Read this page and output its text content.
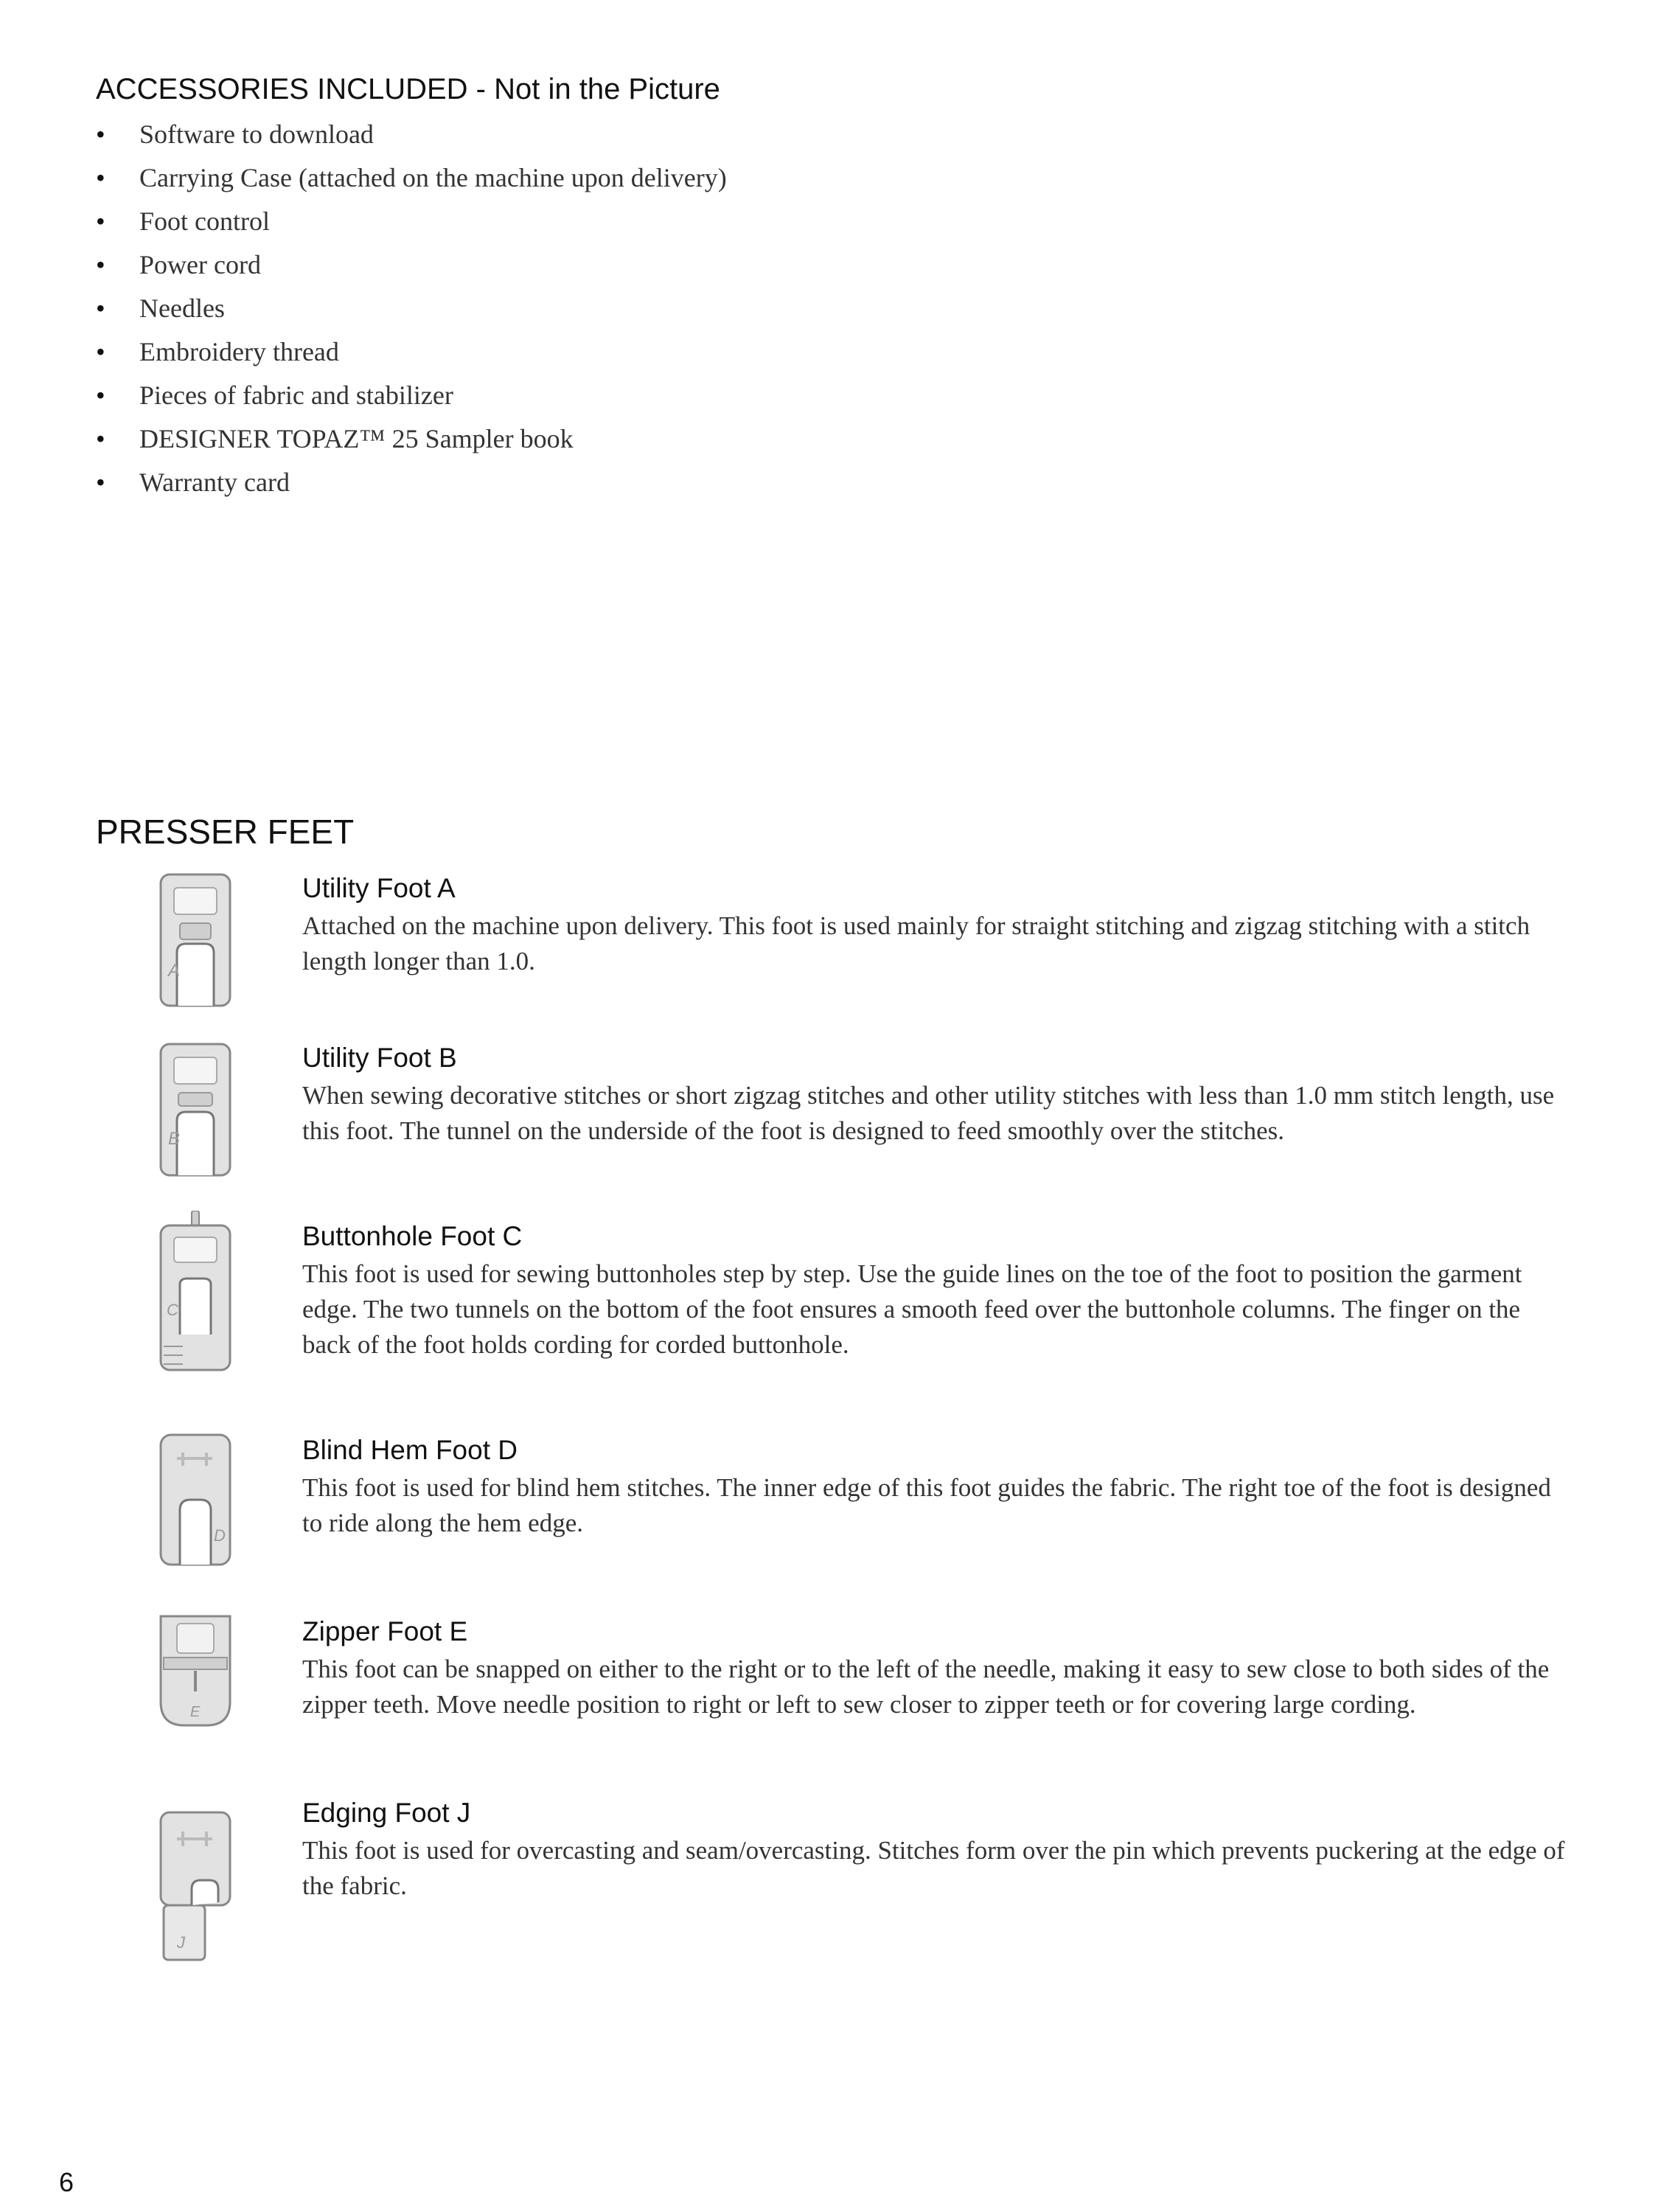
ACCESSORIES INCLUDED - Not in the Picture
• Software to download
• Carrying Case (attached on the machine upon delivery)
• Foot control
• Power cord
• Needles
• Embroidery thread
• Pieces of fabric and stabilizer
• DESIGNER TOPAZ™ 25 Sampler book
• Warranty card
PRESSER FEET
A

Utility Foot A

Attached on the machine upon delivery. This foot is used mainly for straight stitching and zigzag stitching with a stitch length longer than 1.0.

B

Utility Foot B

When sewing decorative stitches or short zigzag stitches and other utility stitches with less than 1.0 mm stitch length, use this foot. The tunnel on the underside of the foot is designed to feed smoothly over the stitches.

C

Buttonhole Foot C

This foot is used for sewing buttonholes step by step. Use the guide lines on the toe of the foot to position the garment edge. The two tunnels on the bottom of the foot ensures a smooth feed over the buttonhole columns. The finger on the back of the foot holds cording for corded buttonhole.

D

Blind Hem Foot D

This foot is used for blind hem stitches. The inner edge of this foot guides the fabric. The right toe of the foot is designed to ride along the hem edge.

E

Zipper Foot E

This foot can be snapped on either to the right or to the left of the needle, making it easy to sew close to both sides of the zipper teeth. Move needle position to right or left to sew closer to zipper teeth or for covering large cording.

J

Edging Foot J

This foot is used for overcasting and seam/overcasting. Stitches form over the pin which prevents puckering at the edge of the fabric.

6
